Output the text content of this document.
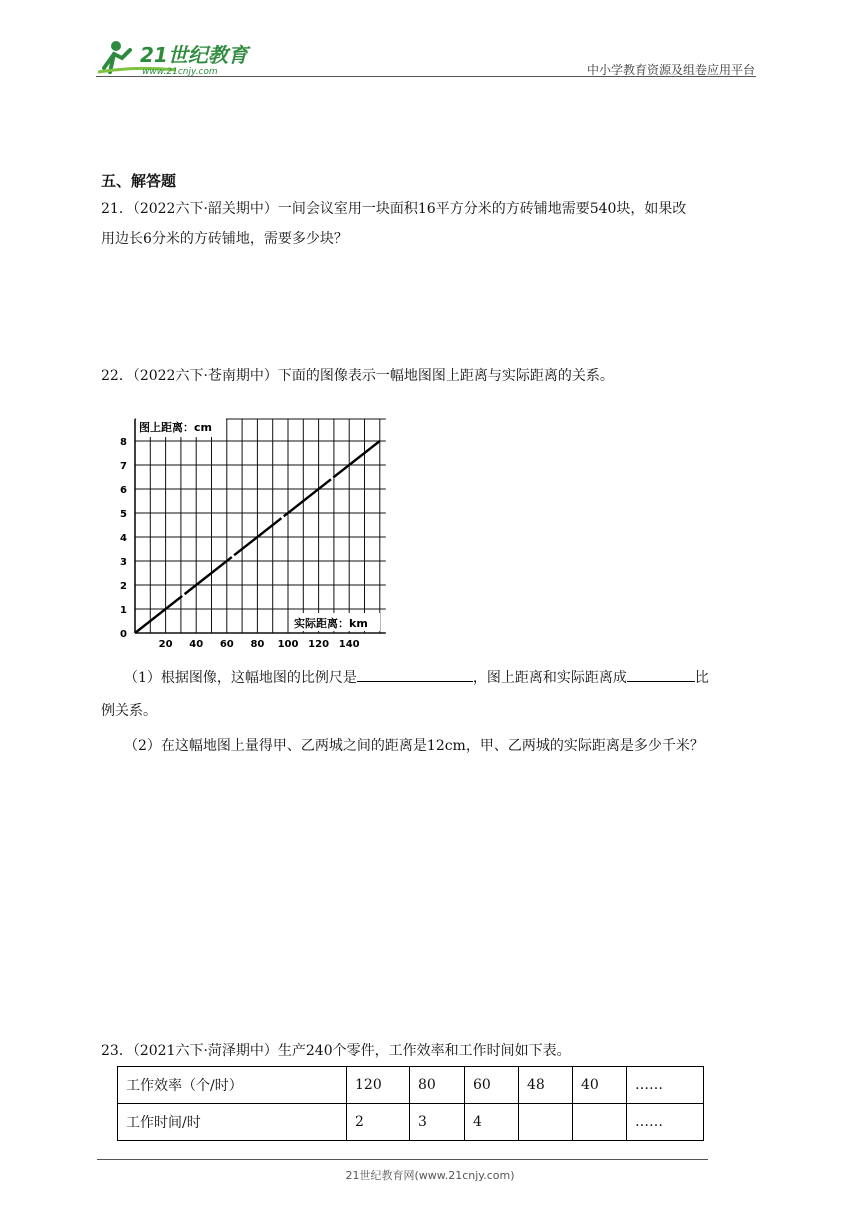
21世纪教育
www.21cnjy.com	中小学教育资源及组卷应用平台
五、解答题
21．（2022六下·韶关期中）一间会议室用一块面积16平方分米的方砖铺地需要540块，如果改
用边长6分米的方砖铺地，需要多少块？
22．（2022六下·苍南期中）下面的图像表示一幅地图图上距离与实际距离的关系。
0
1
2
3
4
5
6
7
8
20 40 60 80 100 120 140
图上距离：cm
实际距离：km
（1）根据图像，这幅地图的比例尺是	，图上距离和实际距离成	比
例关系。
（2）在这幅地图上量得甲、乙两城之间的距离是12cm，甲、乙两城的实际距离是多少千米？
23．（2021六下·菏泽期中）生产240个零件，工作效率和工作时间如下表。
工作效率（个/时）	120	80	60	48	40	……
工作时间/时	2	3	4			……
21世纪教育网(www.21cnjy.com)
